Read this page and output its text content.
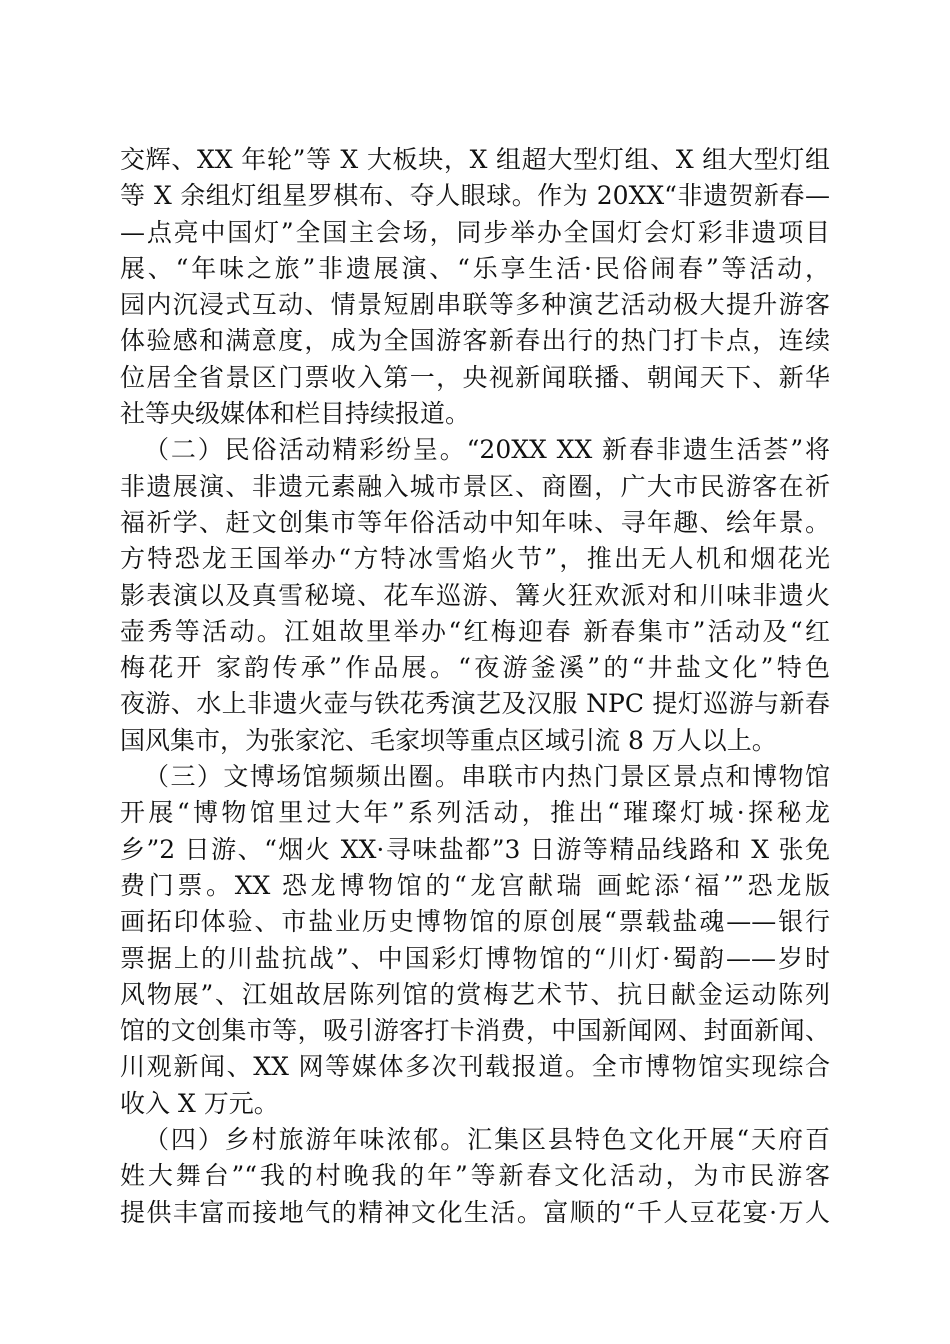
交辉、XX 年轮”等 X 大板块，X 组超大型灯组、X 组大型灯组
等 X 余组灯组星罗棋布、夺人眼球。作为 20XX“非遗贺新春—
—点亮中国灯”全国主会场，同步举办全国灯会灯彩非遗项目
展、“年味之旅”非遗展演、“乐享生活·民俗闹春”等活动，
园内沉浸式互动、情景短剧串联等多种演艺活动极大提升游客
体验感和满意度，成为全国游客新春出行的热门打卡点，连续
位居全省景区门票收入第一，央视新闻联播、朝闻天下、新华
社等央级媒体和栏目持续报道。
（二）民俗活动精彩纷呈。“20XX XX 新春非遗生活荟”将
非遗展演、非遗元素融入城市景区、商圈，广大市民游客在祈
福祈学、赶文创集市等年俗活动中知年味、寻年趣、绘年景。
方特恐龙王国举办“方特冰雪焰火节”，推出无人机和烟花光
影表演以及真雪秘境、花车巡游、篝火狂欢派对和川味非遗火
壶秀等活动。江姐故里举办“红梅迎春 新春集市”活动及“红
梅花开 家韵传承”作品展。“夜游釜溪”的“井盐文化”特色
夜游、水上非遗火壶与铁花秀演艺及汉服 NPC 提灯巡游与新春
国风集市，为张家沱、毛家坝等重点区域引流 8 万人以上。
（三）文博场馆频频出圈。串联市内热门景区景点和博物馆
开展“博物馆里过大年”系列活动，推出“璀璨灯城·探秘龙
乡”2 日游、“烟火 XX·寻味盐都”3 日游等精品线路和 X 张免
费门票。XX 恐龙博物馆的“龙宫献瑞 画蛇添‘福’”恐龙版
画拓印体验、市盐业历史博物馆的原创展“票载盐魂——银行
票据上的川盐抗战”、中国彩灯博物馆的“川灯·蜀韵——岁时
风物展”、江姐故居陈列馆的赏梅艺术节、抗日献金运动陈列
馆的文创集市等，吸引游客打卡消费，中国新闻网、封面新闻、
川观新闻、XX 网等媒体多次刊载报道。全市博物馆实现综合
收入 X 万元。
（四）乡村旅游年味浓郁。汇集区县特色文化开展“天府百
姓大舞台”“我的村晚我的年”等新春文化活动，为市民游客
提供丰富而接地气的精神文化生活。富顺的“千人豆花宴·万人
